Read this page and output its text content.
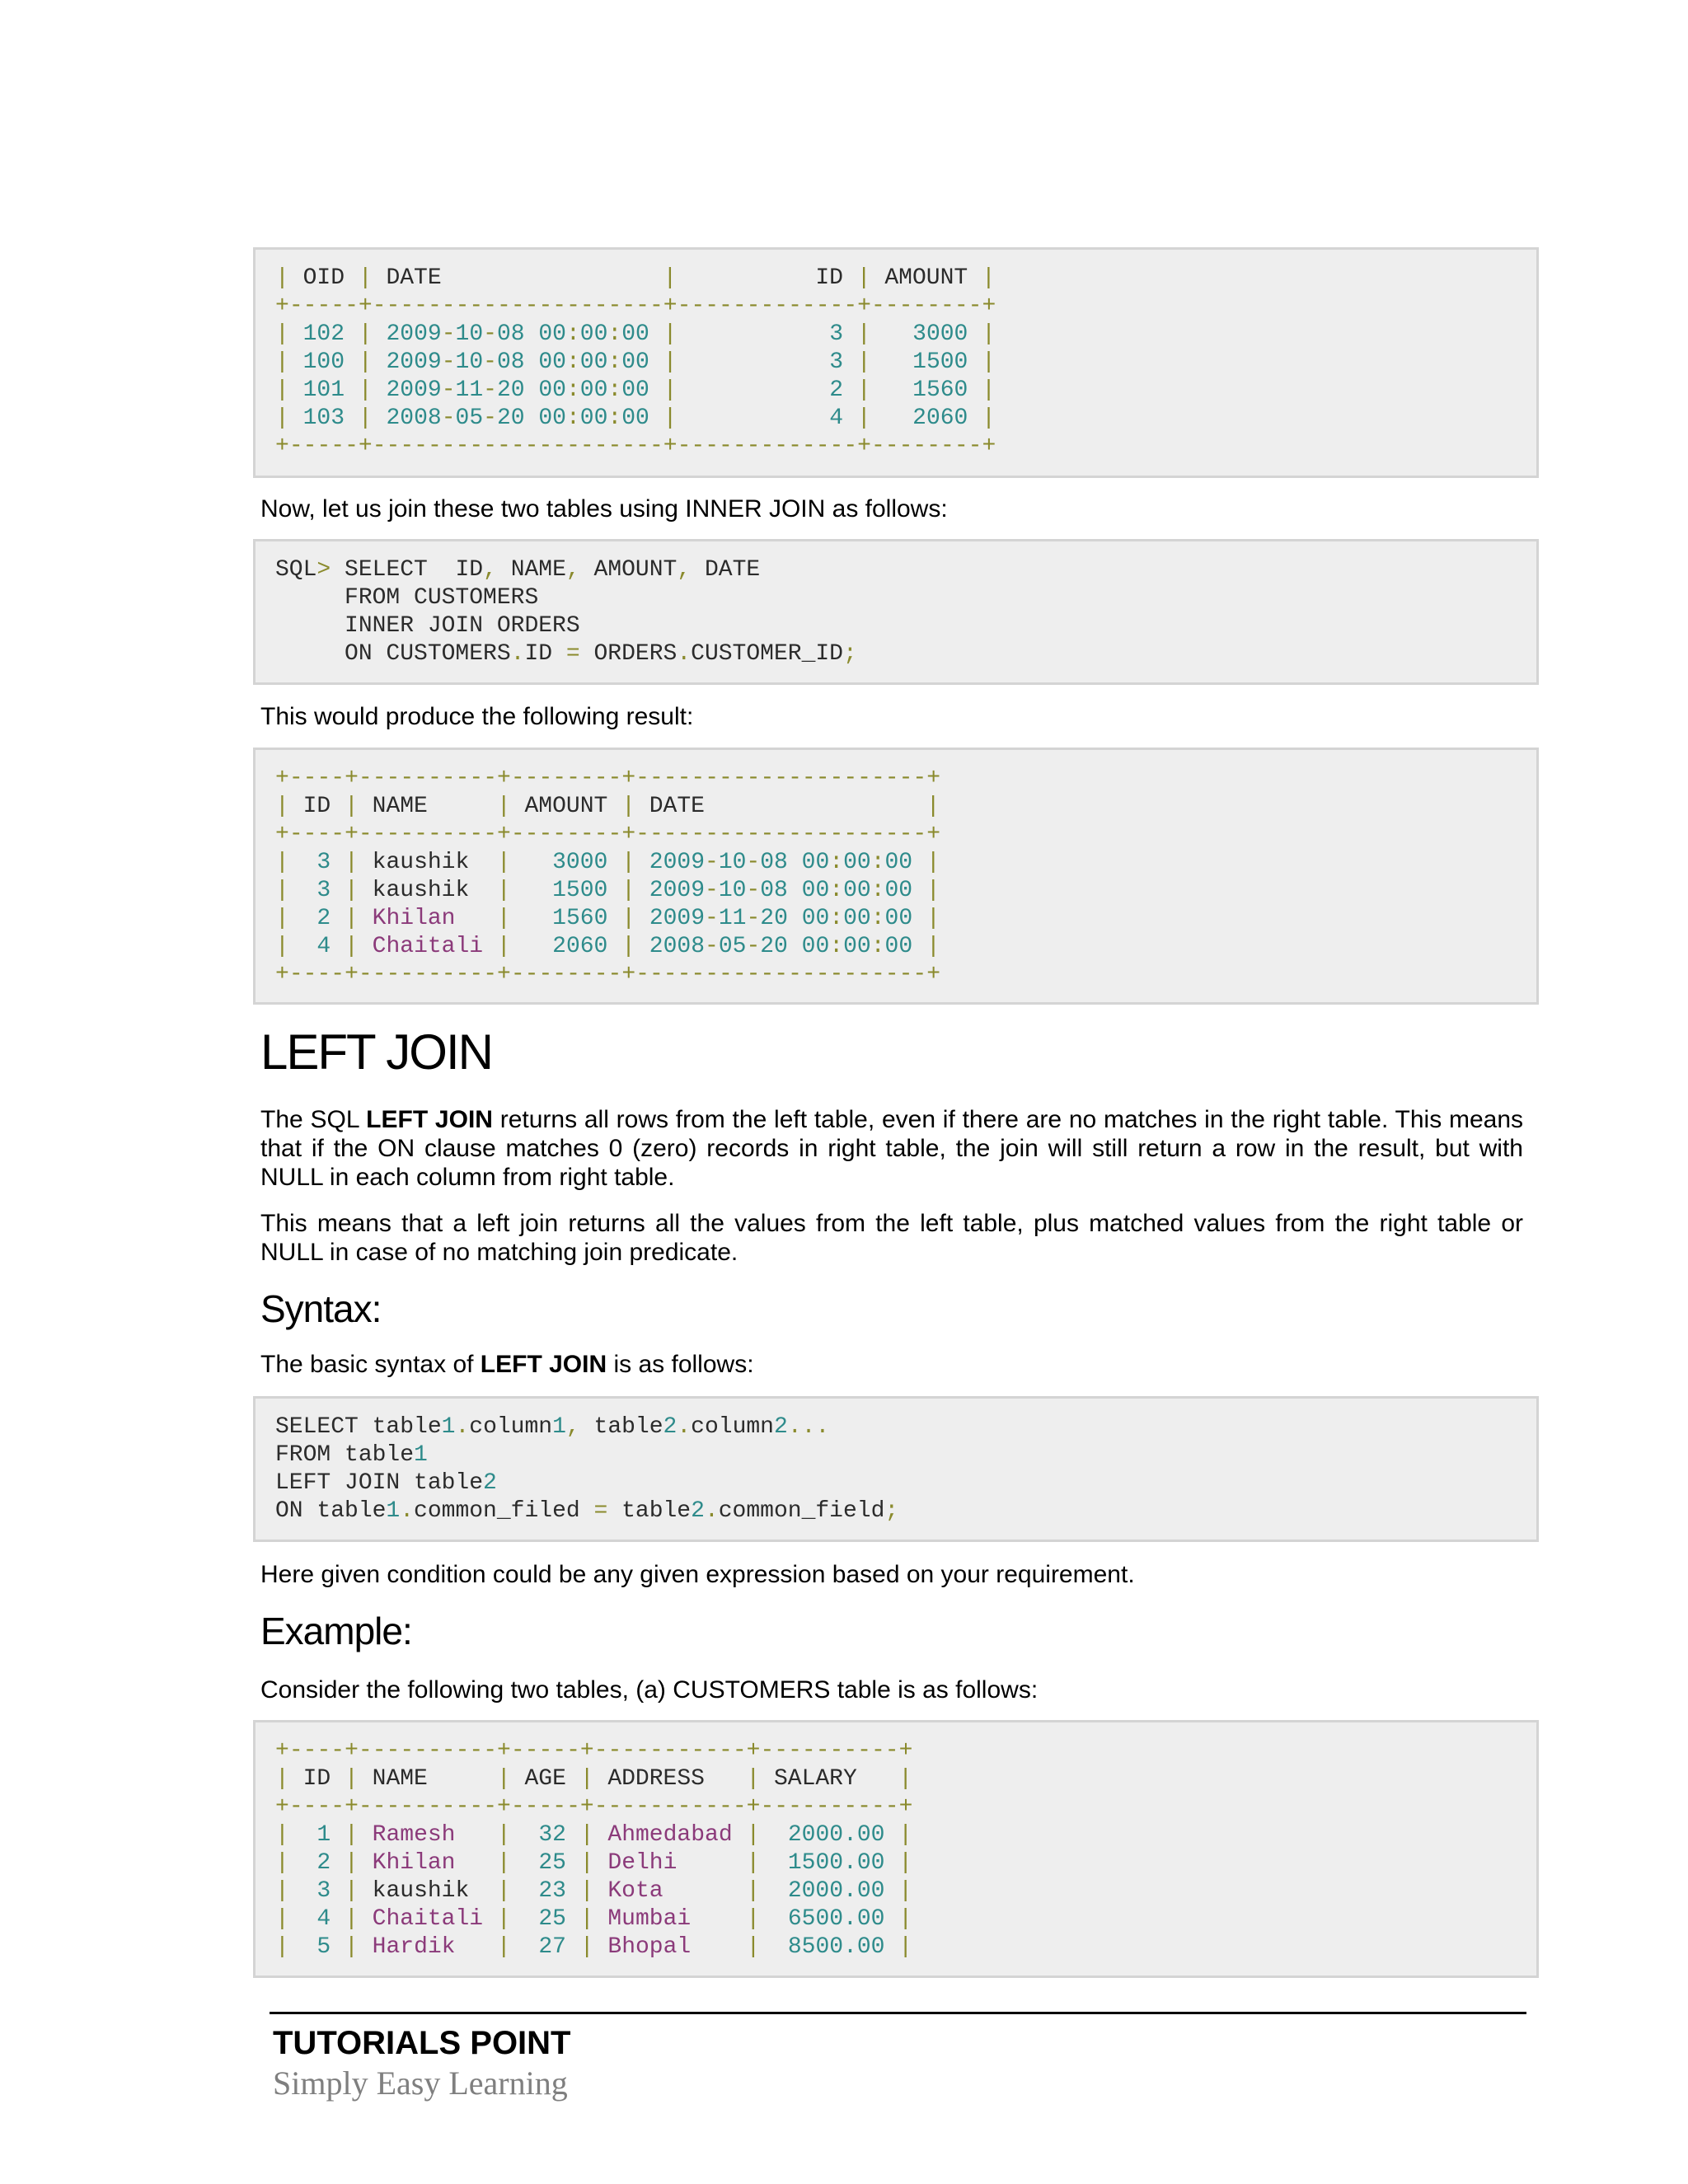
| OID | DATE                |          ID | AMOUNT |
+-----+---------------------+-------------+--------+
| 102 | 2009-10-08 00:00:00 |	3 | 3000 |
| 100 | 2009-10-08 00:00:00 |	3 | 1500 |
| 101 | 2009-11-20 00:00:00 |	2 | 1560 |
| 103 | 2008-05-20 00:00:00 |	4 | 2060 |
+-----+---------------------+-------------+--------+

Now, let us join these two tables using INNER JOIN as follows:

SQL> SELECT  ID, NAME, AMOUNT, DATE
FROM CUSTOMERS
INNER JOIN ORDERS
ON CUSTOMERS.ID = ORDERS.CUSTOMER_ID;

This would produce the following result:

+----+----------+--------+---------------------+
| ID | NAME     | AMOUNT | DATE                |
+----+----------+--------+---------------------+
| 3 | kaushik  | 3000 | 2009-10-08 00:00:00 |
| 3 | kaushik  | 1500 | 2009-10-08 00:00:00 |
| 2 | Khilan | 1560 | 2009-11-20 00:00:00 |
| 4 | Chaitali | 2060 | 2008-05-20 00:00:00 |
+----+----------+--------+---------------------+
LEFT JOIN

The SQL LEFT JOIN returns all rows from the left table, even if there are no matches in the right table. This means that if the ON clause matches 0 (zero) records in right table, the join will still return a row in the result, but with NULL in each column from right table.

This means that a left join returns all the values from the left table, plus matched values from the right table or NULL in case of no matching join predicate.

Syntax:

The basic syntax of LEFT JOIN is as follows:

SELECT table1.column1, table2.column2...
FROM table1
LEFT JOIN table2
ON table1.common_filed = table2.common_field;

Here given condition could be any given expression based on your requirement.

Example:

Consider the following two tables, (a) CUSTOMERS table is as follows:

+----+----------+-----+-----------+----------+
| ID | NAME     | AGE | ADDRESS   | SALARY   |
+----+----------+-----+-----------+----------+
| 1 | Ramesh | 32 | Ahmedabad | 2000.00 |
| 2 | Khilan | 25 | Delhi	| 1500.00 |
| 3 | kaushik  | 23 | Kota	| 2000.00 |
| 4 | Chaitali | 25 | Mumbai | 6500.00 |
| 5 | Hardik | 27 | Bhopal | 8500.00 |
TUTORIALS POINT
Simply Easy Learning
